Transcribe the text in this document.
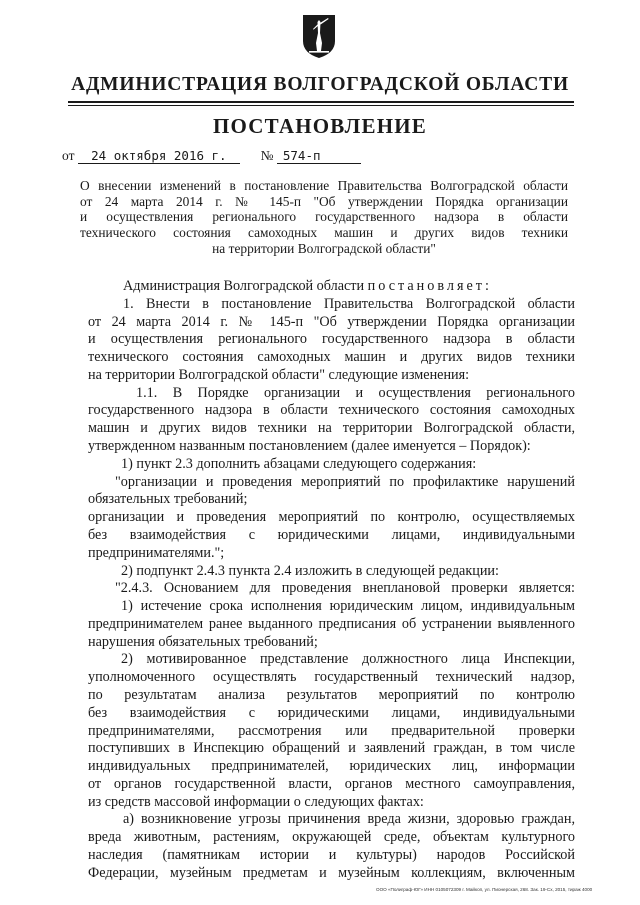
АДМИНИСТРАЦИЯ ВОЛГОГРАДСКОЙ ОБЛАСТИ
ПОСТАНОВЛЕНИЕ
от 24 октября 2016 г.	№ 574-п
О внесении изменений в постановление Правительства Волгоградской области
от 24 марта 2014 г. № 145-п "Об утверждении Порядка организации
и осуществления регионального государственного надзора в области
технического состояния самоходных машин и других видов техники
на территории Волгоградской области"
Администрация Волгоградской области постановляет:
1. Внести в постановление Правительства Волгоградской области
от 24 марта 2014 г. № 145-п "Об утверждении Порядка организации
и осуществления регионального государственного надзора в области
технического состояния самоходных машин и других видов техники
на территории Волгоградской области" следующие изменения:
1.1. В Порядке организации и осуществления регионального
государственного надзора в области технического состояния самоходных
машин и других видов техники на территории Волгоградской области,
утвержденном названным постановлением (далее именуется – Порядок):
1) пункт 2.3 дополнить абзацами следующего содержания:
"организации и проведения мероприятий по профилактике нарушений
обязательных требований;
организации и проведения мероприятий по контролю, осуществляемых
без взаимодействия с юридическими лицами, индивидуальными
предпринимателями.";
2) подпункт 2.4.3 пункта 2.4 изложить в следующей редакции:
"2.4.3. Основанием для проведения внеплановой проверки является:
1) истечение срока исполнения юридическим лицом, индивидуальным
предпринимателем ранее выданного предписания об устранении выявленного
нарушения обязательных требований;
2) мотивированное представление должностного лица Инспекции,
уполномоченного осуществлять государственный технический надзор,
по результатам анализа результатов мероприятий по контролю
без взаимодействия с юридическими лицами, индивидуальными
предпринимателями, рассмотрения или предварительной проверки
поступивших в Инспекцию обращений и заявлений граждан, в том числе
индивидуальных предпринимателей, юридических лиц, информации
от органов государственной власти, органов местного самоуправления,
из средств массовой информации о следующих фактах:
а) возникновение угрозы причинения вреда жизни, здоровью граждан,
вреда животным, растениям, окружающей среде, объектам культурного
наследия (памятникам истории и культуры) народов Российской
Федерации, музейным предметам и музейным коллекциям, включенным
ООО «Полиграф-ЮГ» ИНН 0105072309 г. Майкоп, ул. Пионерская, 268. Зак. 19-Сх, 2015, тираж 4000
